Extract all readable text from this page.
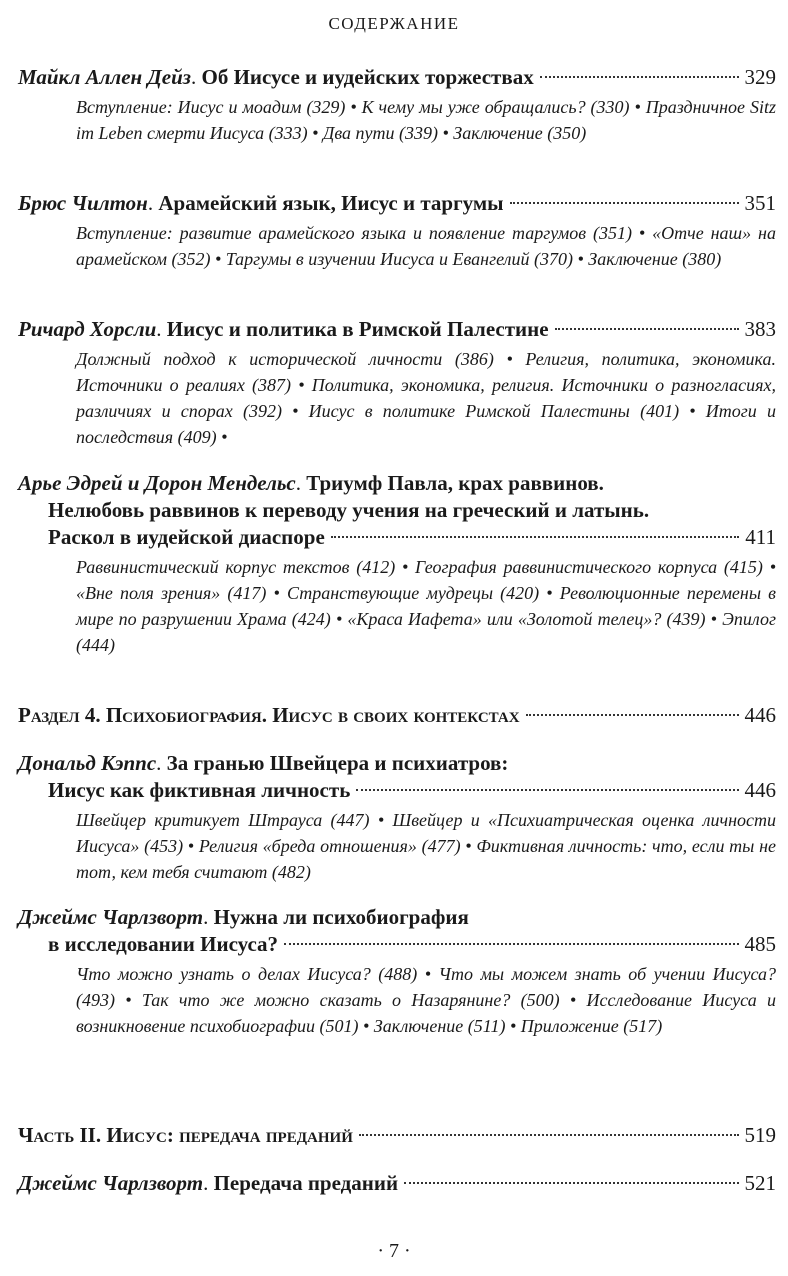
СОДЕРЖАНИЕ
Майкл Аллен Дейз. Об Иисусе и иудейских торжествах	329
Вступление: Иисус и моадим (329) • К чему мы уже обращались? (330) • Праздничное Sitz im Leben смерти Иисуса (333) • Два пути (339) • Заключение (350)
Брюс Чилтон. Арамейский язык, Иисус и таргумы	351
Вступление: развитие арамейского языка и появление таргумов (351) • «Отче наш» на арамейском (352) • Таргумы в изучении Иисуса и Евангелий (370) • Заключение (380)
Ричард Хорсли. Иисус и политика в Римской Палестине	383
Должный подход к исторической личности (386) • Религия, политика, экономика. Источники о реалиях (387) • Политика, экономика, религия. Источники о разногласиях, различиях и спорах (392) • Иисус в политике Римской Палестины (401) • Итоги и последствия (409) •
Арье Эдрей и Дорон Мендельс. Триумф Павла, крах раввинов.
Нелюбовь раввинов к переводу учения на греческий и латынь.
Раскол в иудейской диаспоре	411
Раввинистический корпус текстов (412) • География раввинистического корпуса (415) • «Вне поля зрения» (417) • Странствующие мудрецы (420) • Революционные перемены в мире по разрушении Храма (424) • «Краса Иафета» или «Золотой телец»? (439) • Эпилог (444)
Раздел 4. Психобиография. Иисус в своих контекстах	446
Дональд Кэппс. За гранью Швейцера и психиатров:
Иисус как фиктивная личность	446
Швейцер критикует Штрауса (447) • Швейцер и «Психиатрическая оценка личности Иисуса» (453) • Религия «бреда отношения» (477) • Фиктивная личность: что, если ты не тот, кем тебя считают (482)
Джеймс Чарлзворт. Нужна ли психобиография
в исследовании Иисуса?	485
Что можно узнать о делах Иисуса? (488) • Что мы можем знать об учении Иисуса? (493) • Так что же можно сказать о Назарянине? (500) • Исследование Иисуса и возникновение психобиографии (501) • Заключение (511) • Приложение (517)
Часть II. Иисус: передача преданий	519
Джеймс Чарлзворт. Передача преданий	521
· 7 ·
